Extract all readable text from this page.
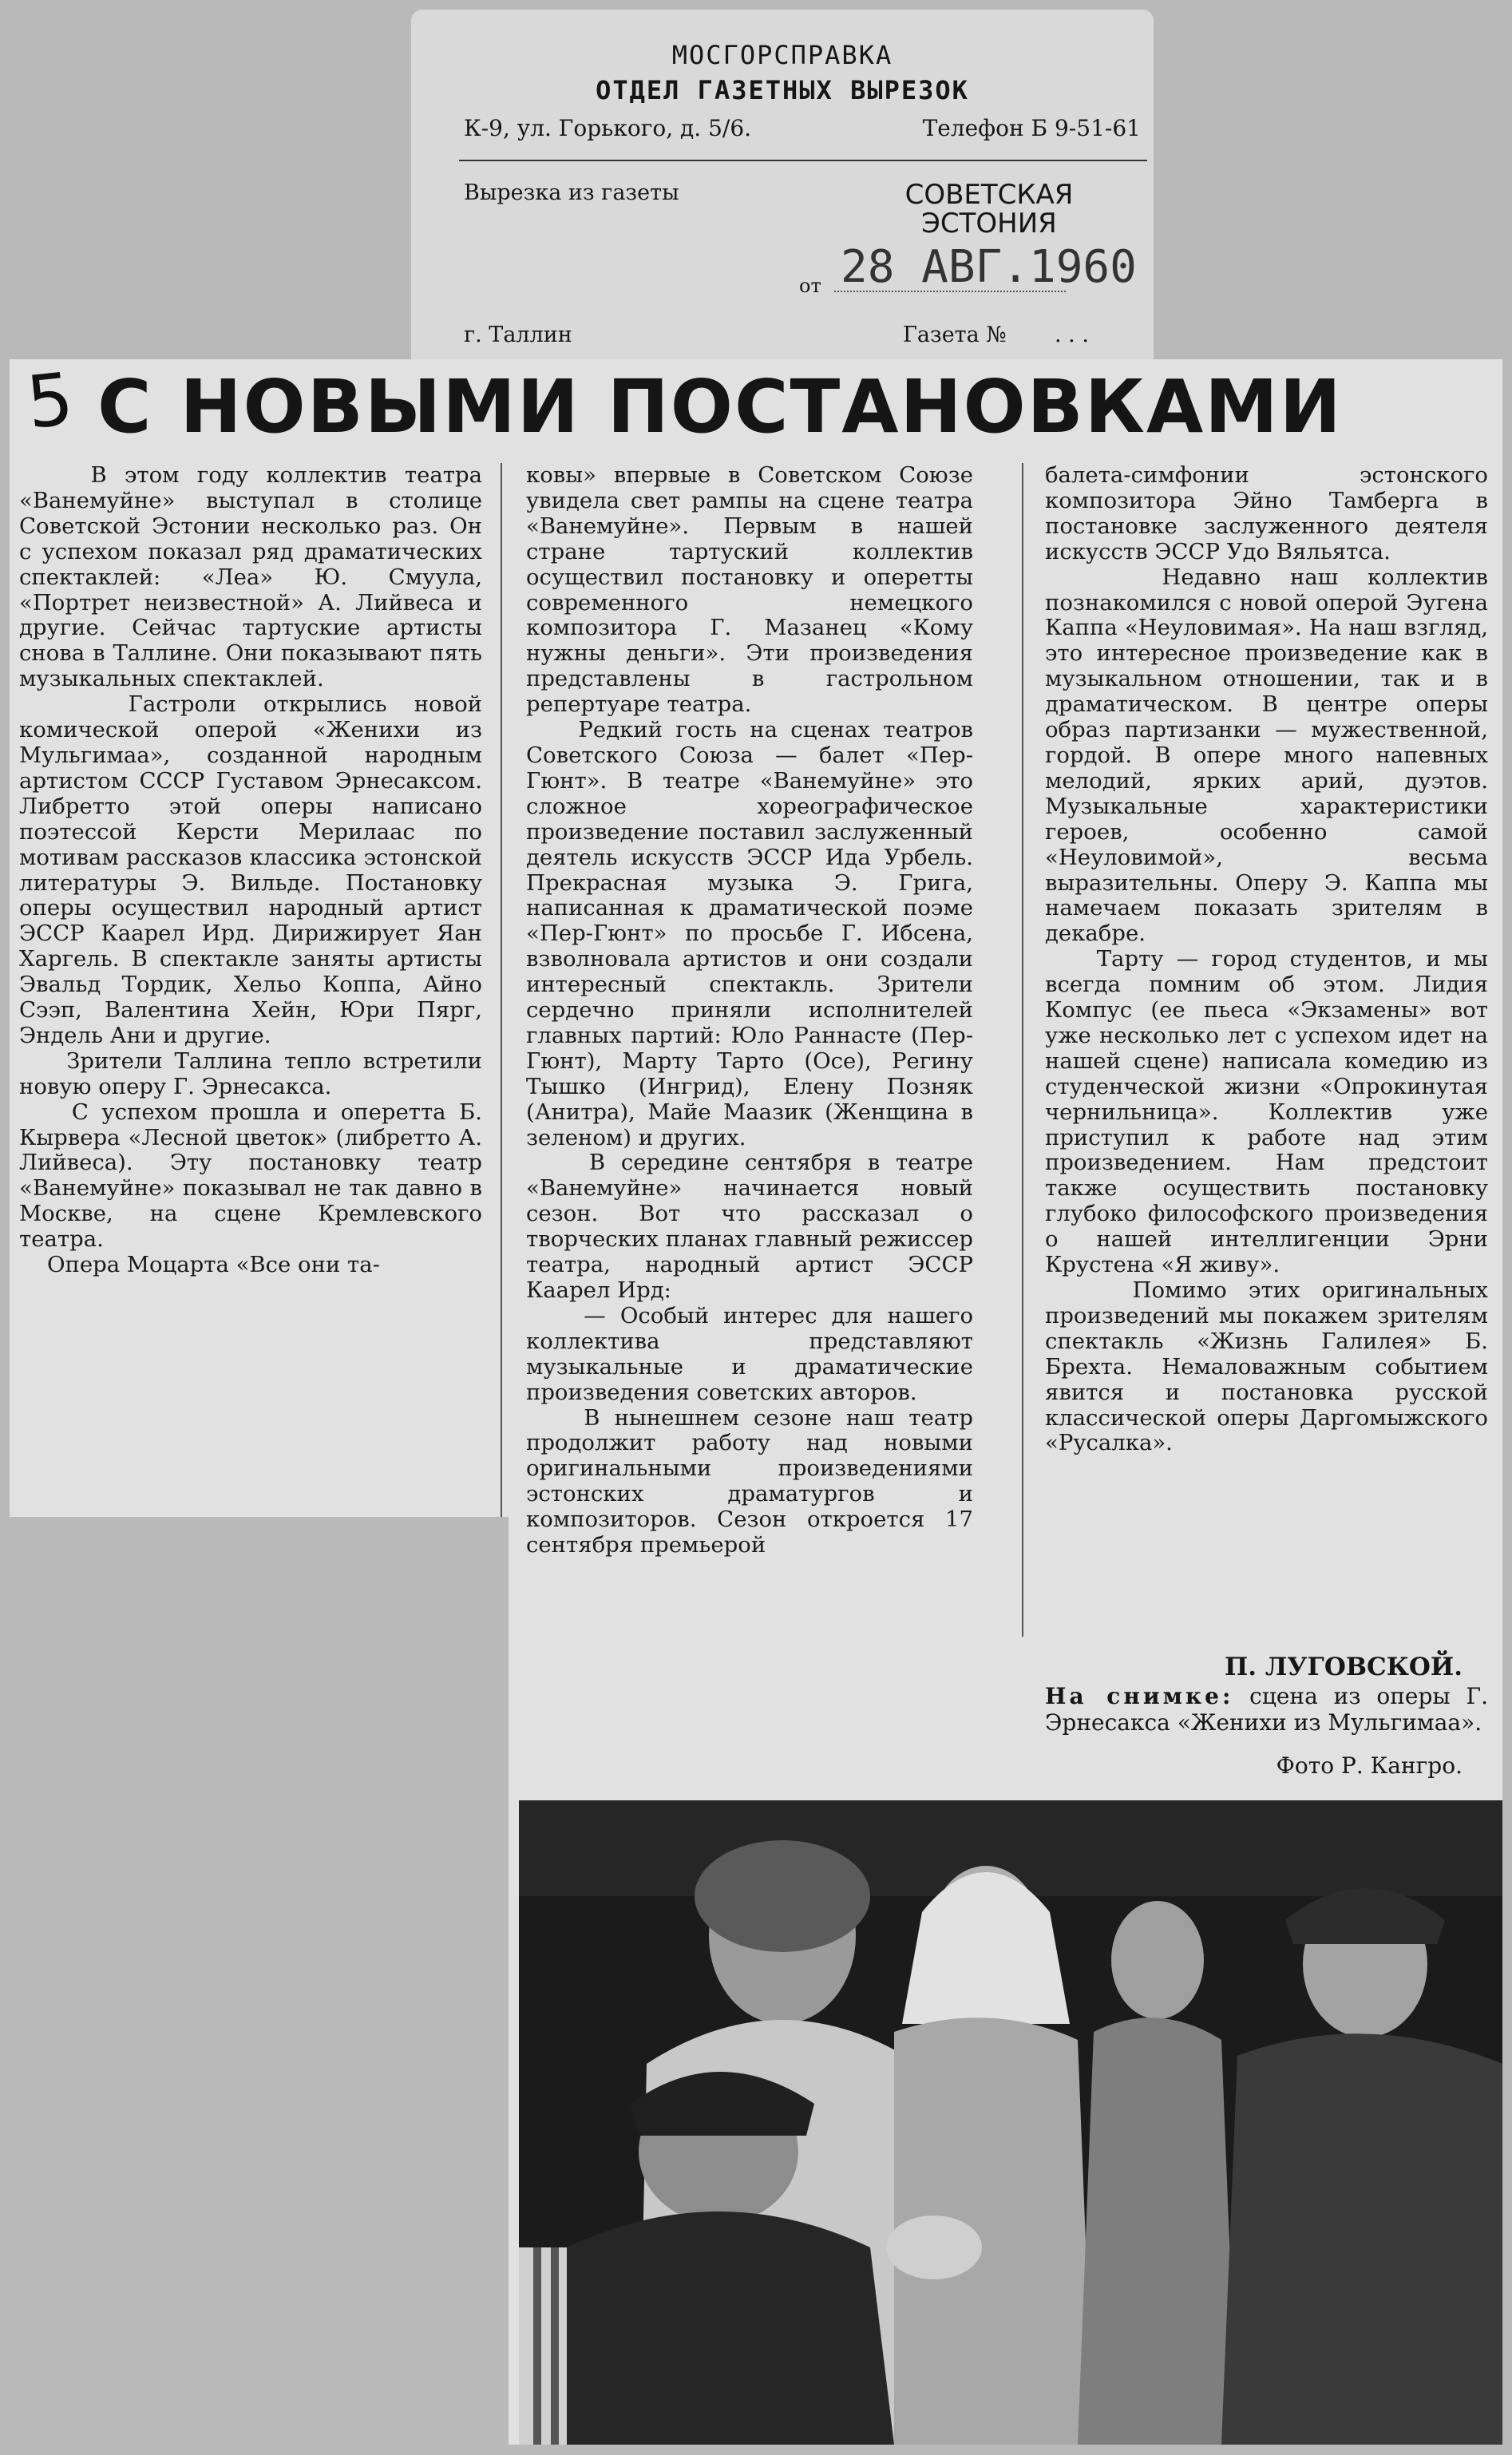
МОСГОРСПРАВКА
ОТДЕЛ ГАЗЕТНЫХ ВЫРЕЗОК
К-9, ул. Горького, д. 5/6.	Телефон Б 9-51-61
Вырезка из газеты	СОВЕТСКАЯ ЭСТОНИЯ
от 28 АВГ.1960
г. Таллин	Газета № . . .
5 С НОВЫМИ ПОСТАНОВКАМИ
В этом году коллектив театра «Ванемуйне» выступал в столице Советской Эстонии несколько раз. Он с успехом показал ряд драматических спектаклей: «Леа» Ю. Смуула, «Портрет неизвестной» А. Лийвеса и другие. Сейчас тартуские артисты снова в Таллине. Они показывают пять музыкальных спектаклей.
Гастроли открылись новой комической оперой «Женихи из Мульгимаа», созданной народным артистом СССР Густавом Эрнесаксом. Либретто этой оперы написано поэтессой Керсти Мерилаас по мотивам рассказов классика эстонской литературы Э. Вильде. Постановку оперы осуществил народный артист ЭССР Каарел Ирд. Дирижирует Яан Харгель. В спектакле заняты артисты Эвальд Тордик, Хельо Коппа, Айно Сээп, Валентина Хейн, Юри Пярг, Эндель Ани и другие.
Зрители Таллина тепло встретили новую оперу Г. Эрнесакса.
С успехом прошла и оперетта Б. Кырвера «Лесной цветок» (либретто А. Лийвеса). Эту постановку театр «Ванемуйне» показывал не так давно в Москве, на сцене Кремлевского театра.
Опера Моцарта «Все они та-
ковы» впервые в Советском Союзе увидела свет рампы на сцене театра «Ванемуйне». Первым в нашей стране тартуский коллектив осуществил постановку и оперетты современного немецкого композитора Г. Мазанец «Кому нужны деньги». Эти произведения представлены в гастрольном репертуаре театра.
Редкий гость на сценах театров Советского Союза — балет «Пер-Гюнт». В театре «Ванемуйне» это сложное хореографическое произведение поставил заслуженный деятель искусств ЭССР Ида Урбель. Прекрасная музыка Э. Грига, написанная к драматической поэме «Пер-Гюнт» по просьбе Г. Ибсена, взволновала артистов и они создали интересный спектакль. Зрители сердечно приняли исполнителей главных партий: Юло Раннасте (Пер-Гюнт), Марту Тарто (Осе), Регину Тышко (Ингрид), Елену Позняк (Анитра), Майе Маазик (Женщина в зеленом) и других.
В середине сентября в театре «Ванемуйне» начинается новый сезон. Вот что рассказал о творческих планах главный режиссер театра, народный артист ЭССР Каарел Ирд:
— Особый интерес для нашего коллектива представляют музыкальные и драматические произведения советских авторов.
В нынешнем сезоне наш театр продолжит работу над новыми оригинальными произведениями эстонских драматургов и композиторов. Сезон откроется 17 сентября премьерой
балета-симфонии эстонского композитора Эйно Тамберга в постановке заслуженного деятеля искусств ЭССР Удо Вяльятса.
Недавно наш коллектив познакомился с новой оперой Эугена Каппа «Неуловимая». На наш взгляд, это интересное произведение как в музыкальном отношении, так и в драматическом. В центре оперы образ партизанки — мужественной, гордой. В опере много напевных мелодий, ярких арий, дуэтов. Музыкальные характеристики героев, особенно самой «Неуловимой», весьма выразительны. Оперу Э. Каппа мы намечаем показать зрителям в декабре.
Тарту — город студентов, и мы всегда помним об этом. Лидия Компус (ее пьеса «Экзамены» вот уже несколько лет с успехом идет на нашей сцене) написала комедию из студенческой жизни «Опрокинутая чернильница». Коллектив уже приступил к работе над этим произведением. Нам предстоит также осуществить постановку глубоко философского произведения о нашей интеллигенции Эрни Крустена «Я живу».
Помимо этих оригинальных произведений мы покажем зрителям спектакль «Жизнь Галилея» Б. Брехта. Немаловажным событием явится и постановка русской классической оперы Даргомыжского «Русалка».
П. ЛУГОВСКОЙ.
На снимке: сцена из оперы Г. Эрнесакса «Женихи из Мульгимаа».
Фото Р. Кангро.
